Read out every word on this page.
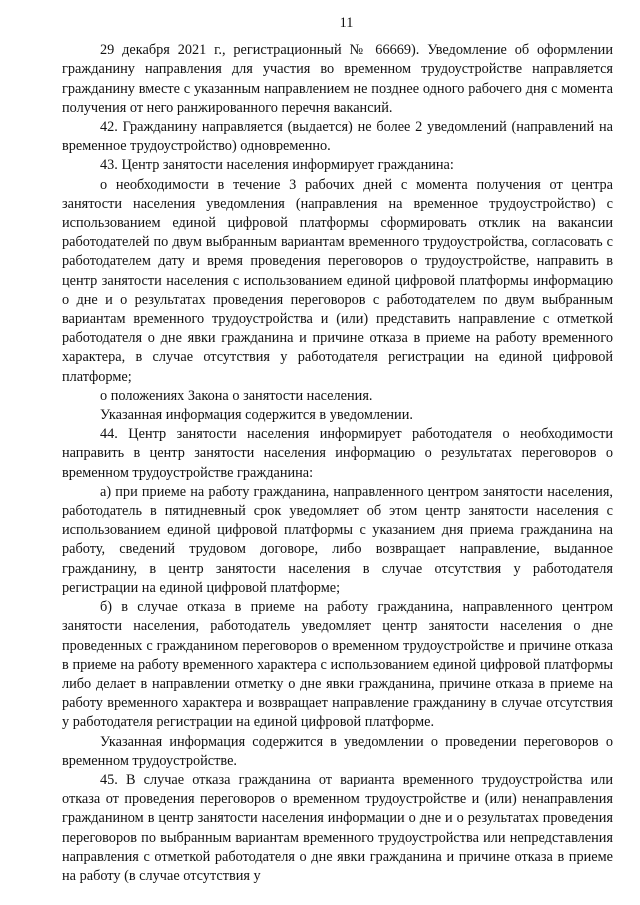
11

29 декабря 2021 г., регистрационный № 66669). Уведомление об оформлении гражданину направления для участия во временном трудоустройстве направляется гражданину вместе с указанным направлением не позднее одного рабочего дня с момента получения от него ранжированного перечня вакансий.

42. Гражданину направляется (выдается) не более 2 уведомлений (направлений на временное трудоустройство) одновременно.

43. Центр занятости населения информирует гражданина:

о необходимости в течение 3 рабочих дней с момента получения от центра занятости населения уведомления (направления на временное трудоустройство) с использованием единой цифровой платформы сформировать отклик на вакансии работодателей по двум выбранным вариантам временного трудоустройства, согласовать с работодателем дату и время проведения переговоров о трудоустройстве, направить в центр занятости населения с использованием единой цифровой платформы информацию о дне и о результатах проведения переговоров с работодателем по двум выбранным вариантам временного трудоустройства и (или) представить направление с отметкой работодателя о дне явки гражданина и причине отказа в приеме на работу временного характера, в случае отсутствия у работодателя регистрации на единой цифровой платформе;

о положениях Закона о занятости населения.

Указанная информация содержится в уведомлении.

44. Центр занятости населения информирует работодателя о необходимости направить в центр занятости населения информацию о результатах переговоров о временном трудоустройстве гражданина:

а) при приеме на работу гражданина, направленного центром занятости населения, работодатель в пятидневный срок уведомляет об этом центр занятости населения с использованием единой цифровой платформы с указанием дня приема гражданина на работу, сведений трудовом договоре, либо возвращает направление, выданное гражданину, в центр занятости населения в случае отсутствия у работодателя регистрации на единой цифровой платформе;

б) в случае отказа в приеме на работу гражданина, направленного центром занятости населения, работодатель уведомляет центр занятости населения о дне проведенных с гражданином переговоров о временном трудоустройстве и причине отказа в приеме на работу временного характера с использованием единой цифровой платформы либо делает в направлении отметку о дне явки гражданина, причине отказа в приеме на работу временного характера и возвращает направление гражданину в случае отсутствия у работодателя регистрации на единой цифровой платформе.

Указанная информация содержится в уведомлении о проведении переговоров о временном трудоустройстве.

45. В случае отказа гражданина от варианта временного трудоустройства или отказа от проведения переговоров о временном трудоустройстве и (или) ненаправления гражданином в центр занятости населения информации о дне и о результатах проведения переговоров по выбранным вариантам временного трудоустройства или непредставления направления с отметкой работодателя о дне явки гражданина и причине отказа в приеме на работу (в случае отсутствия у
